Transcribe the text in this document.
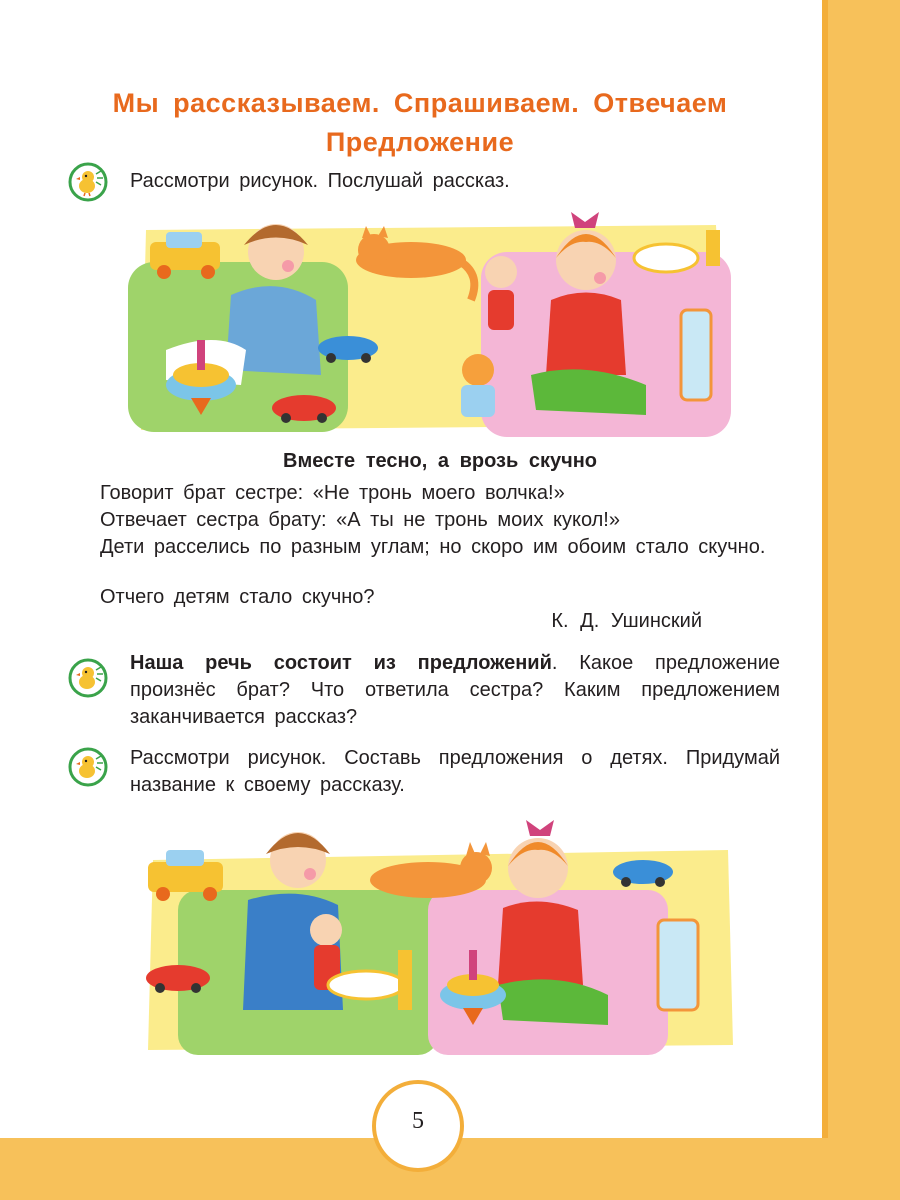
Мы рассказываем. Спрашиваем. Отвечаем
Предложение
Рассмотри рисунок. Послушай рассказ.
Вместе тесно, а врозь скучно
Говорит брат сестре: «Не тронь моего волчка!»
Отвечает сестра брату: «А ты не тронь моих кукол!»
Дети расселись по разным углам; но скоро им обоим стало скучно.
Отчего детям стало скучно?
К. Д. Ушинский
Наша речь состоит из предложений. Какое предложение произнёс брат? Что ответила сестра? Каким предложением заканчивается рассказ?
Рассмотри рисунок. Составь предложения о детях. Придумай название к своему рассказу.
5
